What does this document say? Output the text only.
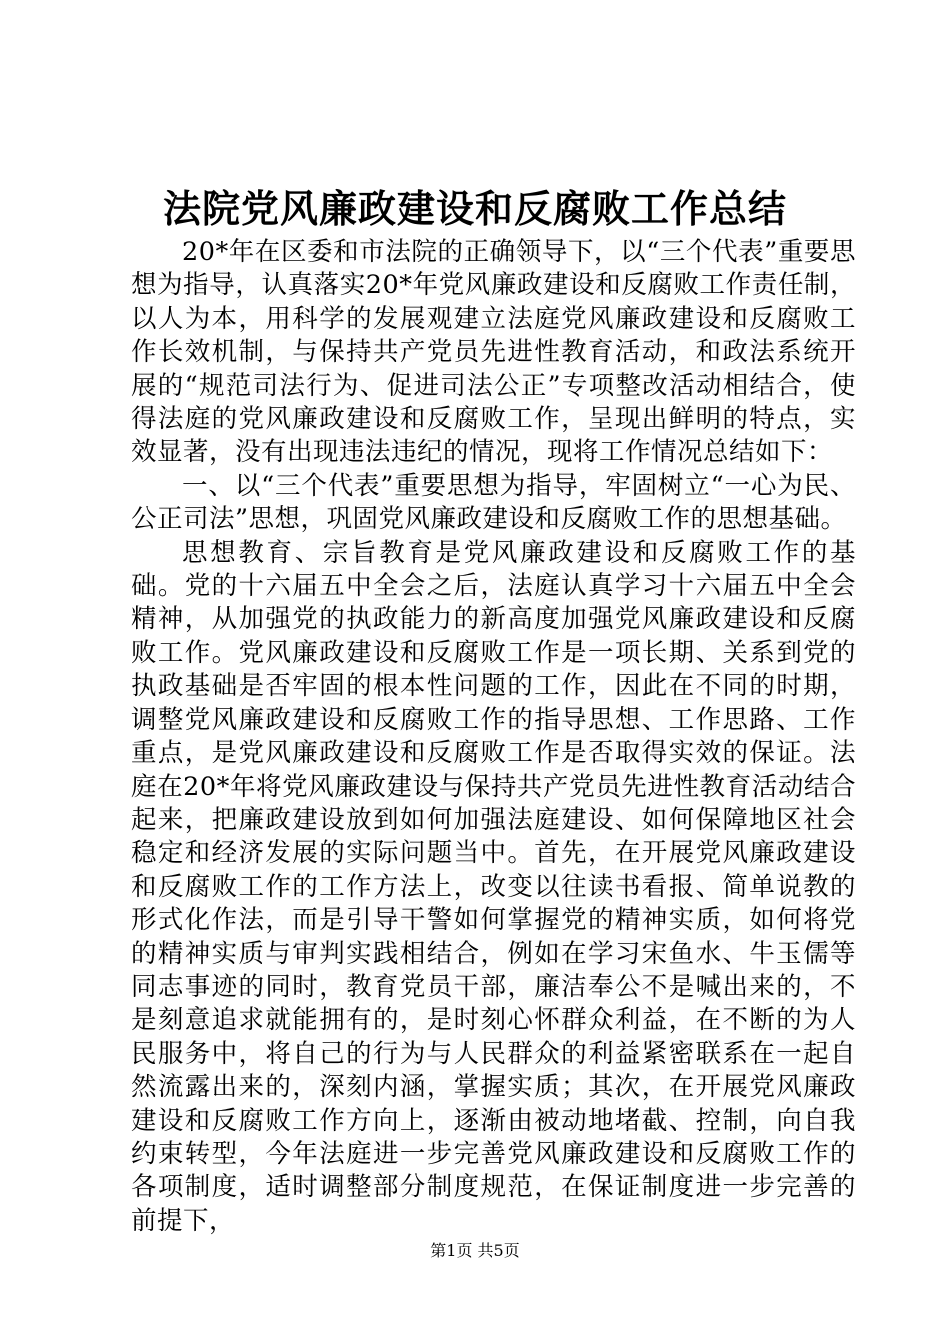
法院党风廉政建设和反腐败工作总结

20*年在区委和市法院的正确领导下，以“三个代表”重要思想为指导，认真落实20*年党风廉政建设和反腐败工作责任制，以人为本，用科学的发展观建立法庭党风廉政建设和反腐败工作长效机制，与保持共产党员先进性教育活动，和政法系统开展的“规范司法行为、促进司法公正”专项整改活动相结合，使得法庭的党风廉政建设和反腐败工作，呈现出鲜明的特点，实效显著，没有出现违法违纪的情况，现将工作情况总结如下：

一、以“三个代表”重要思想为指导，牢固树立“一心为民、公正司法”思想，巩固党风廉政建设和反腐败工作的思想基础。

思想教育、宗旨教育是党风廉政建设和反腐败工作的基础。党的十六届五中全会之后，法庭认真学习十六届五中全会精神，从加强党的执政能力的新高度加强党风廉政建设和反腐败工作。党风廉政建设和反腐败工作是一项长期、关系到党的执政基础是否牢固的根本性问题的工作，因此在不同的时期，调整党风廉政建设和反腐败工作的指导思想、工作思路、工作重点，是党风廉政建设和反腐败工作是否取得实效的保证。法庭在20*年将党风廉政建设与保持共产党员先进性教育活动结合起来，把廉政建设放到如何加强法庭建设、如何保障地区社会稳定和经济发展的实际问题当中。首先，在开展党风廉政建设和反腐败工作的工作方法上，改变以往读书看报、简单说教的形式化作法，而是引导干警如何掌握党的精神实质，如何将党的精神实质与审判实践相结合，例如在学习宋鱼水、牛玉儒等同志事迹的同时，教育党员干部，廉洁奉公不是喊出来的，不是刻意追求就能拥有的，是时刻心怀群众利益，在不断的为人民服务中，将自己的行为与人民群众的利益紧密联系在一起自然流露出来的，深刻内涵，掌握实质；其次，在开展党风廉政建设和反腐败工作方向上，逐渐由被动地堵截、控制，向自我约束转型，今年法庭进一步完善党风廉政建设和反腐败工作的各项制度，适时调整部分制度规范，在保证制度进一步完善的前提下，

第1页 共5页
